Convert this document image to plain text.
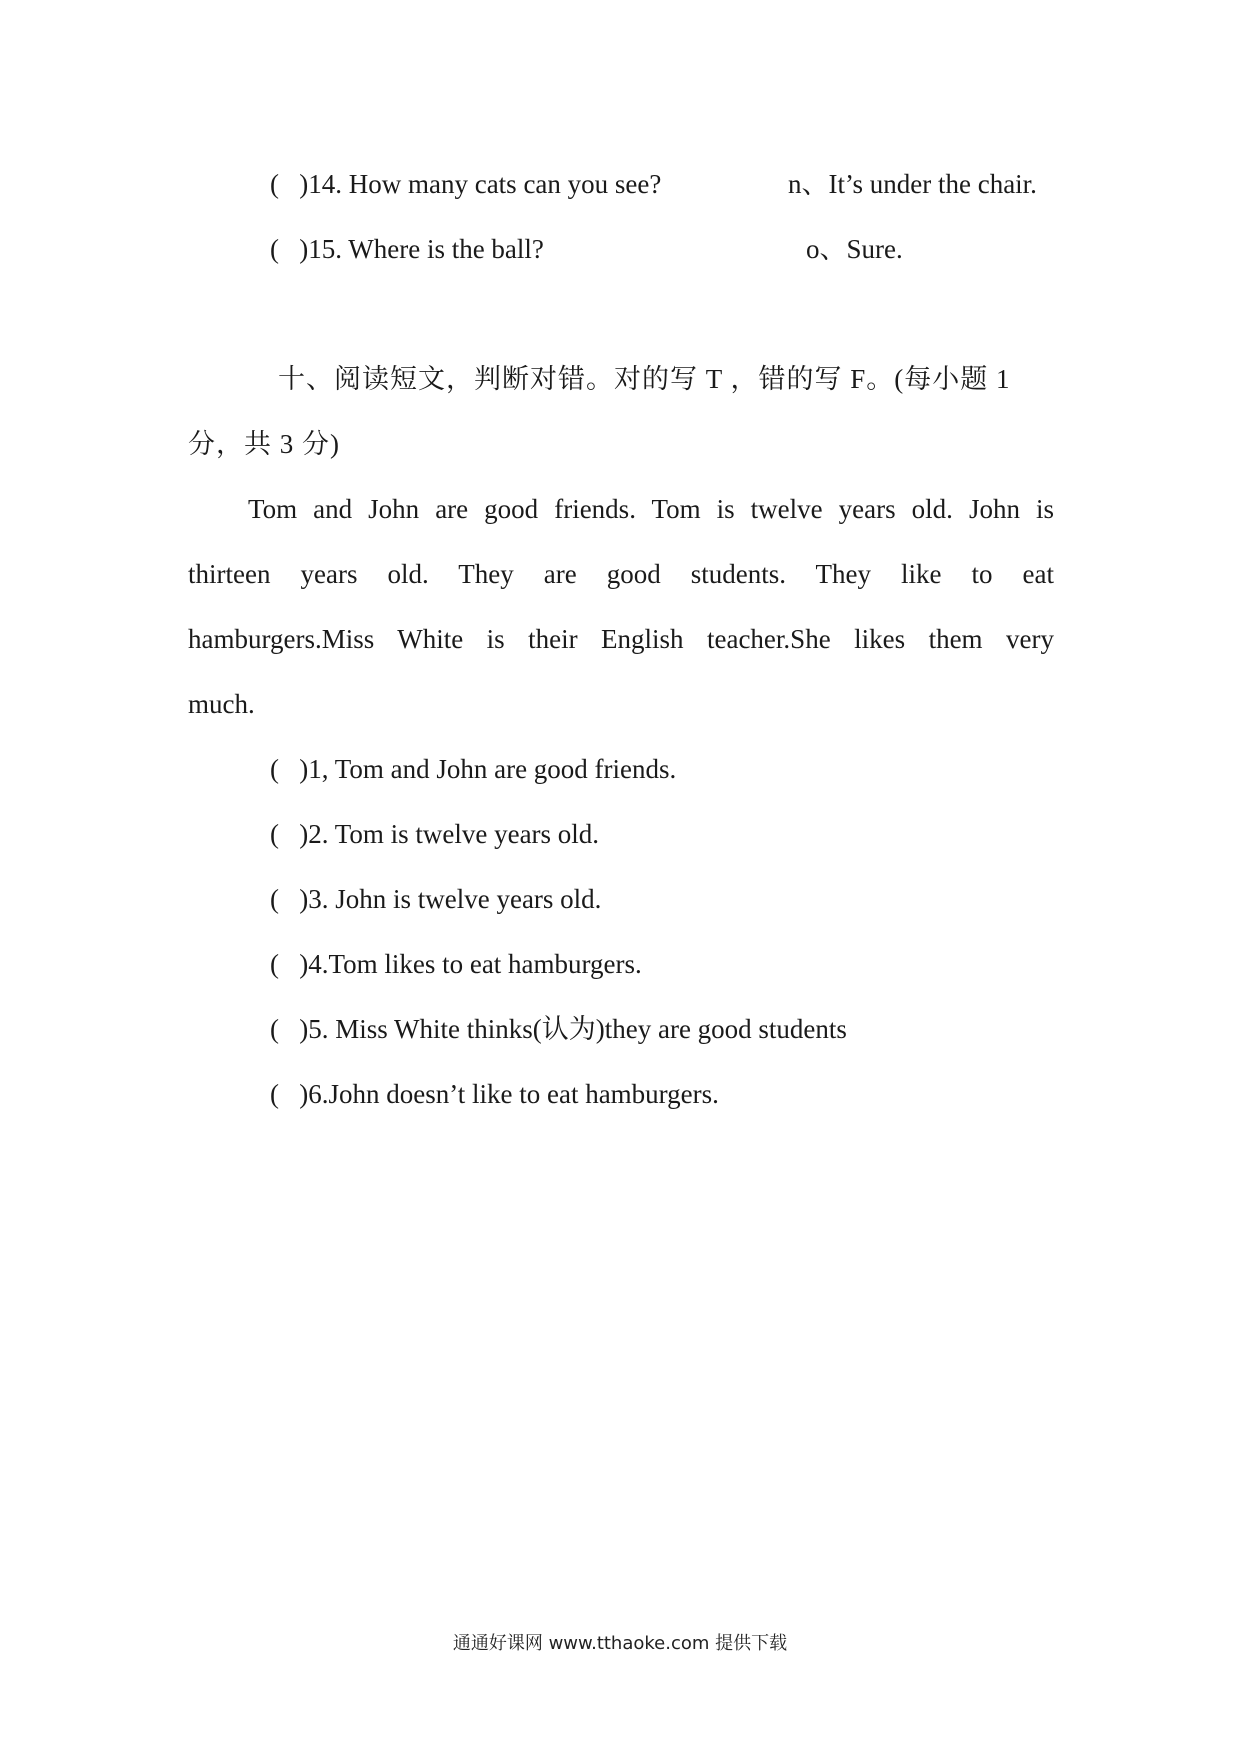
(   )14. How many cats can you see?	n、It’s under the chair.
(   )15. Where is the ball?	o、Sure.
十、阅读短文，判断对错。对的写 T ，错的写 F。(每小题 1
分，共 3 分)
Tom and John are good friends. Tom is twelve years old. John is
thirteen years old. They are good students. They like to eat
hamburgers.Miss White is their English teacher.She likes them very
much.
(   )1, Tom and John are good friends.
(   )2. Tom is twelve years old.
(   )3. John is twelve years old.
(   )4.Tom likes to eat hamburgers.
(   )5. Miss White thinks(认为)they are good students
(   )6.John doesn’t like to eat hamburgers.
通通好课网 www.tthaoke.com 提供下载
